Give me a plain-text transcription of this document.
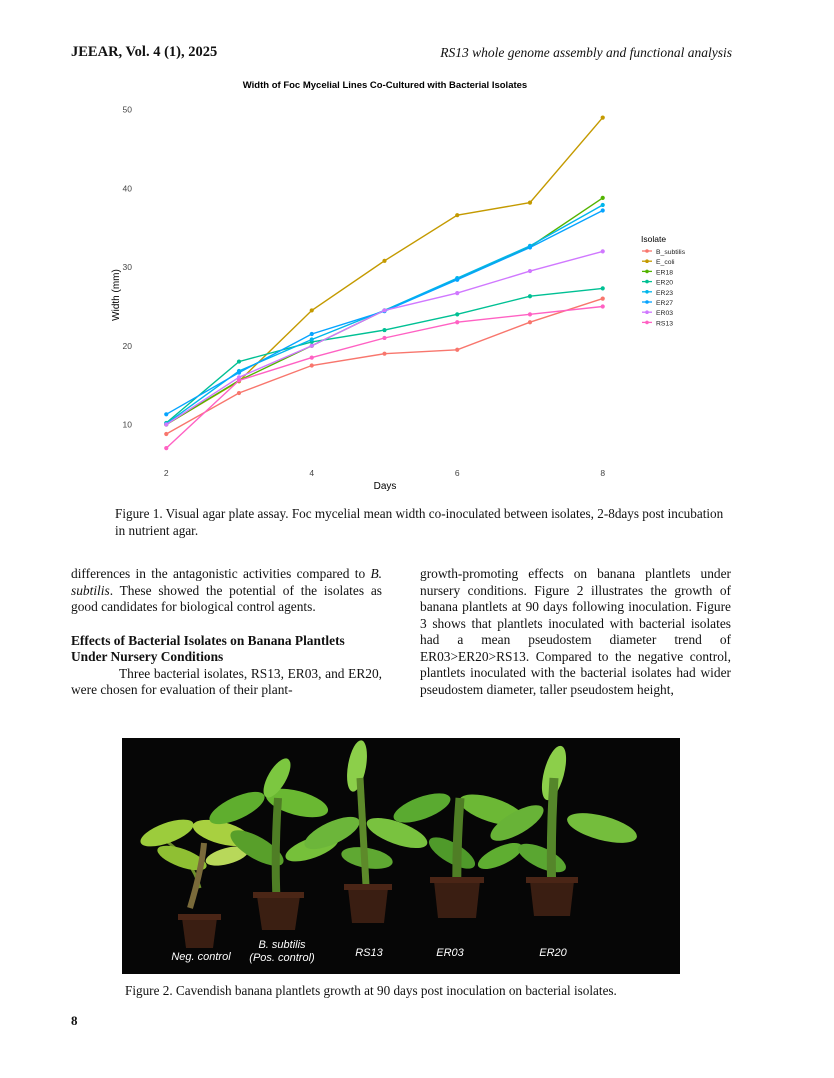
JEEAR, Vol. 4 (1), 2025	RS13 whole genome assembly and functional analysis
Width of Foc Mycelial Lines Co-Cultured with Bacterial Isolates
10
20
30
40
50
2	4	6	8
Width (mm)
Days
Isolate
B_subtilis
E_coli
ER18
ER20
ER23
ER27
ER03
RS13
Figure 1. Visual agar plate assay. Foc mycelial mean width co-inoculated between isolates, 2-8days post incubation in nutrient agar.

differences in the antagonistic activities compared to B. subtilis. These showed the potential of the isolates as good candidates for biological control agents.

Effects of Bacterial Isolates on Banana Plantlets Under Nursery Conditions

Three bacterial isolates, RS13, ER03, and ER20, were chosen for evaluation of their plant-

growth-promoting effects on banana plantlets under nursery conditions. Figure 2 illustrates the growth of banana plantlets at 90 days following inoculation. Figure 3 shows that plantlets inoculated with bacterial isolates had a mean pseudostem diameter trend of ER03>ER20>RS13. Compared to the negative control, plantlets inoculated with the bacterial isolates had wider pseudostem diameter, taller pseudostem height,

Neg. control
B. subtilis
(Pos. control)	RS13	ER03	ER20
Figure 2. Cavendish banana plantlets growth at 90 days post inoculation on bacterial isolates.
8
